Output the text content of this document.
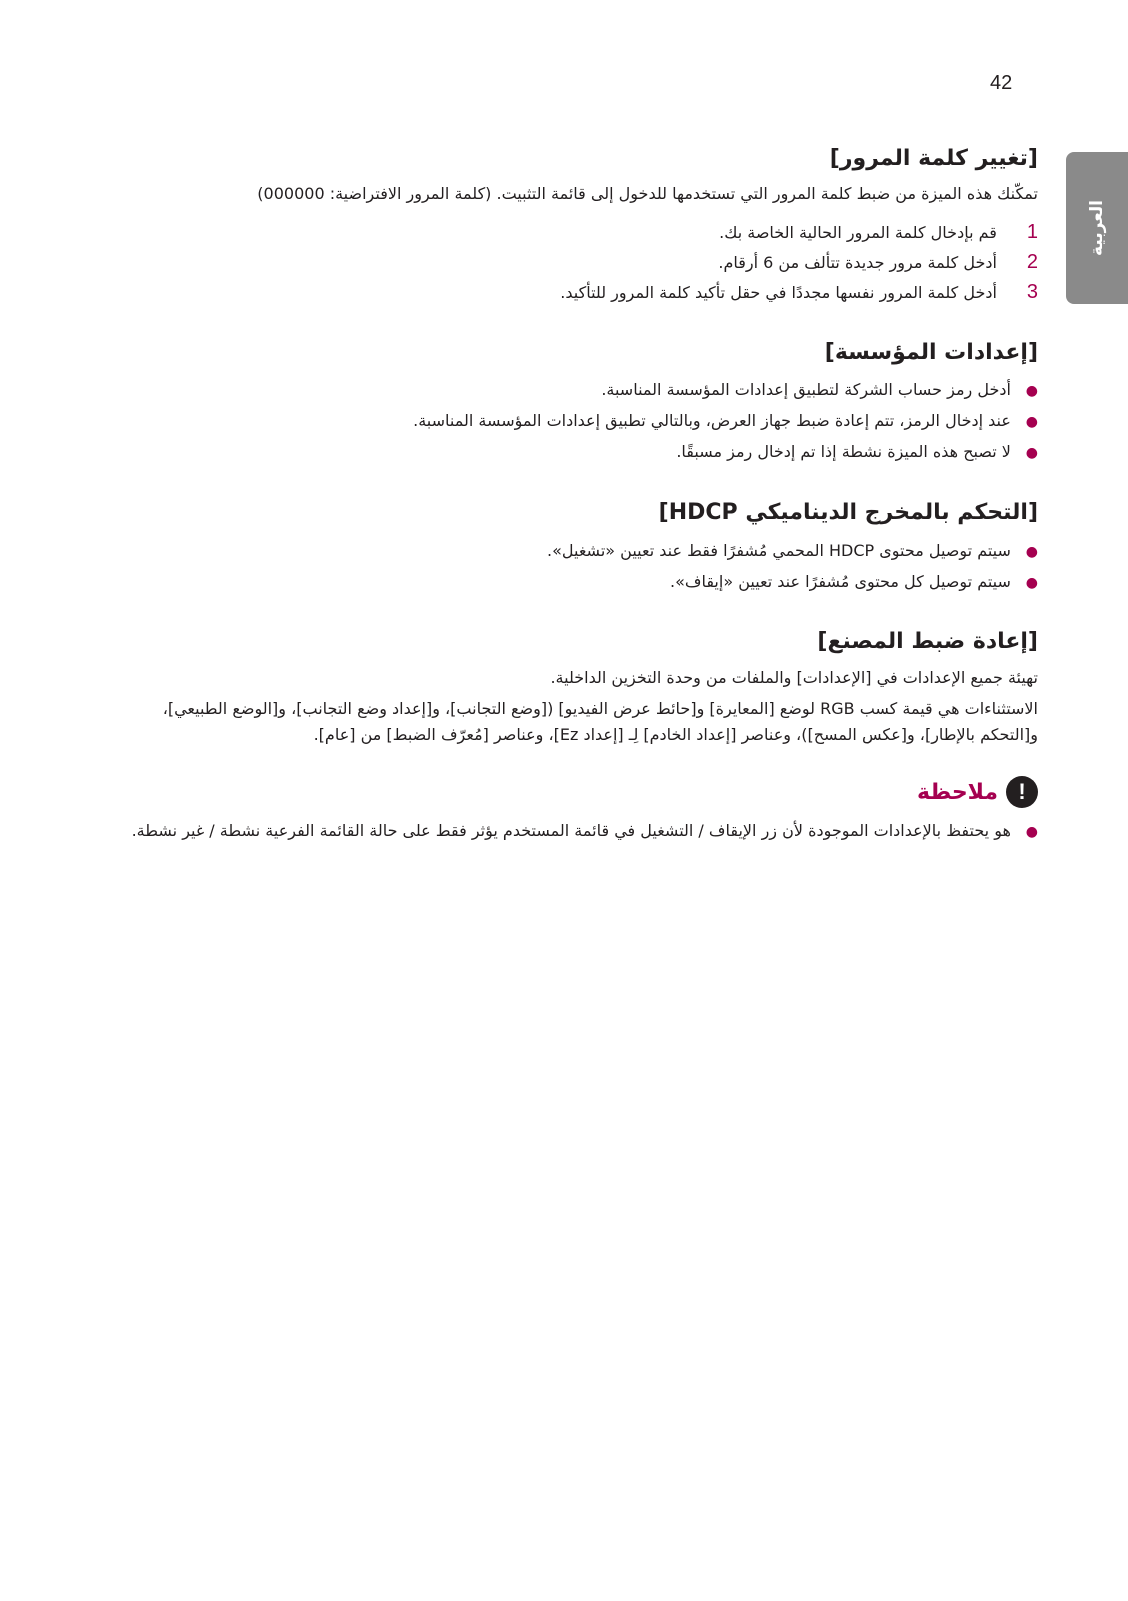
42
العربية
[تغيير كلمة المرور]
تمكّنك هذه الميزة من ضبط كلمة المرور التي تستخدمها للدخول إلى قائمة التثبيت. (كلمة المرور الافتراضية: 000000)
1 قم بإدخال كلمة المرور الحالية الخاصة بك.
2 أدخل كلمة مرور جديدة تتألف من 6 أرقام.
3 أدخل كلمة المرور نفسها مجددًا في حقل تأكيد كلمة المرور للتأكيد.
[إعدادات المؤسسة]
● أدخل رمز حساب الشركة لتطبيق إعدادات المؤسسة المناسبة.
● عند إدخال الرمز، تتم إعادة ضبط جهاز العرض، وبالتالي تطبيق إعدادات المؤسسة المناسبة.
● لا تصبح هذه الميزة نشطة إذا تم إدخال رمز مسبقًا.
[التحكم بالمخرج الديناميكي HDCP]
● سيتم توصيل محتوى HDCP المحمي مُشفرًا فقط عند تعيين «تشغيل».
● سيتم توصيل كل محتوى مُشفرًا عند تعيين «إيقاف».
[إعادة ضبط المصنع]
تهيئة جميع الإعدادات في [الإعدادات] والملفات من وحدة التخزين الداخلية.
الاستثناءات هي قيمة كسب RGB لوضع [المعايرة] و[حائط عرض الفيديو] ([وضع التجانب]، و[إعداد وضع التجانب]، و[الوضع الطبيعي]،
و[التحكم بالإطار]، و[عكس المسح])، وعناصر [إعداد الخادم] لِـ [إعداد Ez]، وعناصر [مُعرّف الضبط] من [عام].
!
ملاحظة
● هو يحتفظ بالإعدادات الموجودة لأن زر الإيقاف / التشغيل في قائمة المستخدم يؤثر فقط على حالة القائمة الفرعية نشطة / غير نشطة.
